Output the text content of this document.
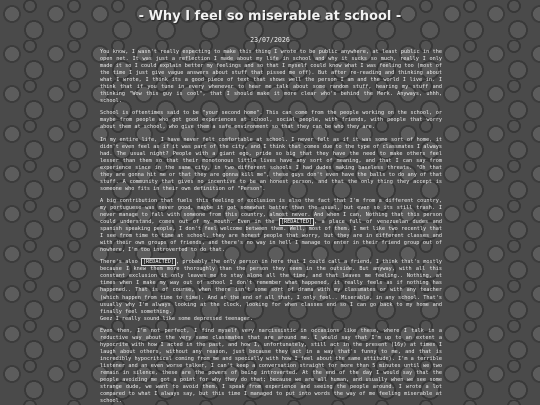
- Why I feel so miserable at school -
23/07/2026

You know, I wasn't really expecting to make this thing I wrote to be public anywhere, at least public in the open net. It was just a reflection I made about my life in school and why it sucks so much, really I only made it so I could explain better my feelings and so that I myself could know what I was feeling too (most of the time I just give vague answers about stuff that pissed me off). But after re-reading and thinking about what I wrote, I think its a good piece of text that shows well the person I am and the world I live in. I think that if you tune in every whenever to hear me talk about some random stuff, hearing my stuff and thinking "Wow this guy is cool", that I should make it more clear who's behind the Merk. Anyways, uhhh, school.

School is oftentimes said to be "your second home". This can come from the people working on the school, or maybe from people who got good experiences at school, social people, with friends, with people that worry about them at school, who give them a safe environment so that they can be who they are.

In my entire life, I have never felt comfortable at school. I never felt as if it was some sort of home, it didn't even feel as if it was part of the city, and I think that comes due to the type of classmates I always had. The usual night? People with a giant ego, pride so big that they have the need to make others feel lesser than them so that their monotonous little lives have any sort of meaning, and that I can say from experience since in the same city, in two different schools I had dudes making baseless threats. "Oh that they are gonna hit me or that they are gonna kill me", these guys don't even have the balls to do any of that stuff. A community that gives no incentive to be an honest person, and that the only thing they accept is someone who fits in their own definition of "Person".

A big contribution that fuels this feeling of exclusion is also the fact that I'm from a different country, my portuguese was never good, maybe it got somewhat better than the usual, but even so its still trash. I never manage to fall with someone from this country, almost never. And when I can, Nothing that this person could understand, comes out of my mouth. Even in the [REDACTED] , a place full of venezuelan dudes and spanish speaking people, I don't feel welcome between them. Well, most of them. I met like two recently that I see from time to time at school, they are honest people that worry, but they are in different classes and with their own groups of friends, and there's no way in hell I manage to enter in their friend group out of nowhere, I'm too introverted to do that.

There's also [REDACTED] , probably the only person in here that I could call a friend, I think that's mostly because I knew them more thoroughly than the person they seem in the outside. But anyway, with all this constant exclusion it only leaves me to stay alone all the time, and that leaves me feeling.. Nothing, at times when I make my way out of school I don't remember what happened, it really feels as if nothing has happened.. That is of course, when there isn't some sort of drama with my classmates or with any teacher (which happen from time to time). And at the end of all that, I only feel.. Miserable, in any school. That's usually why I'm always looking at the clock, looking for when classes end so I can go back to my home and finally feel something.
Geez I really sound like some depressed teenager.

Even then, I'm not perfect, I find myself very narcissistic in occasions like these, where I talk in a reductive way about the very same classmates that are around me. I would say that I'm up to an extent a hypocrite with how I acted in the past, and how I, unfortunately, still act in the present (16y) at times I laugh about others, without any reason, just because they act in a way that's funny to me, and that is incredibly hypocritical coming from me and specially with how I feel about the same attitude). I'm a terrible listener and an even worse talker, I can't keep a conversation straight for more than 5 minutes until we two remain in silence, these are the powers of being introverted. At the end of the day I would say that the people avoiding me got a point for why they do that; because we are all human, and usually when we see some strange dude, we want to avoid them. I speak from experience and seeing the people around. I wrote a lot compared to what I always say, but this time I managed to put into words the way of me feeling miserable at school.
